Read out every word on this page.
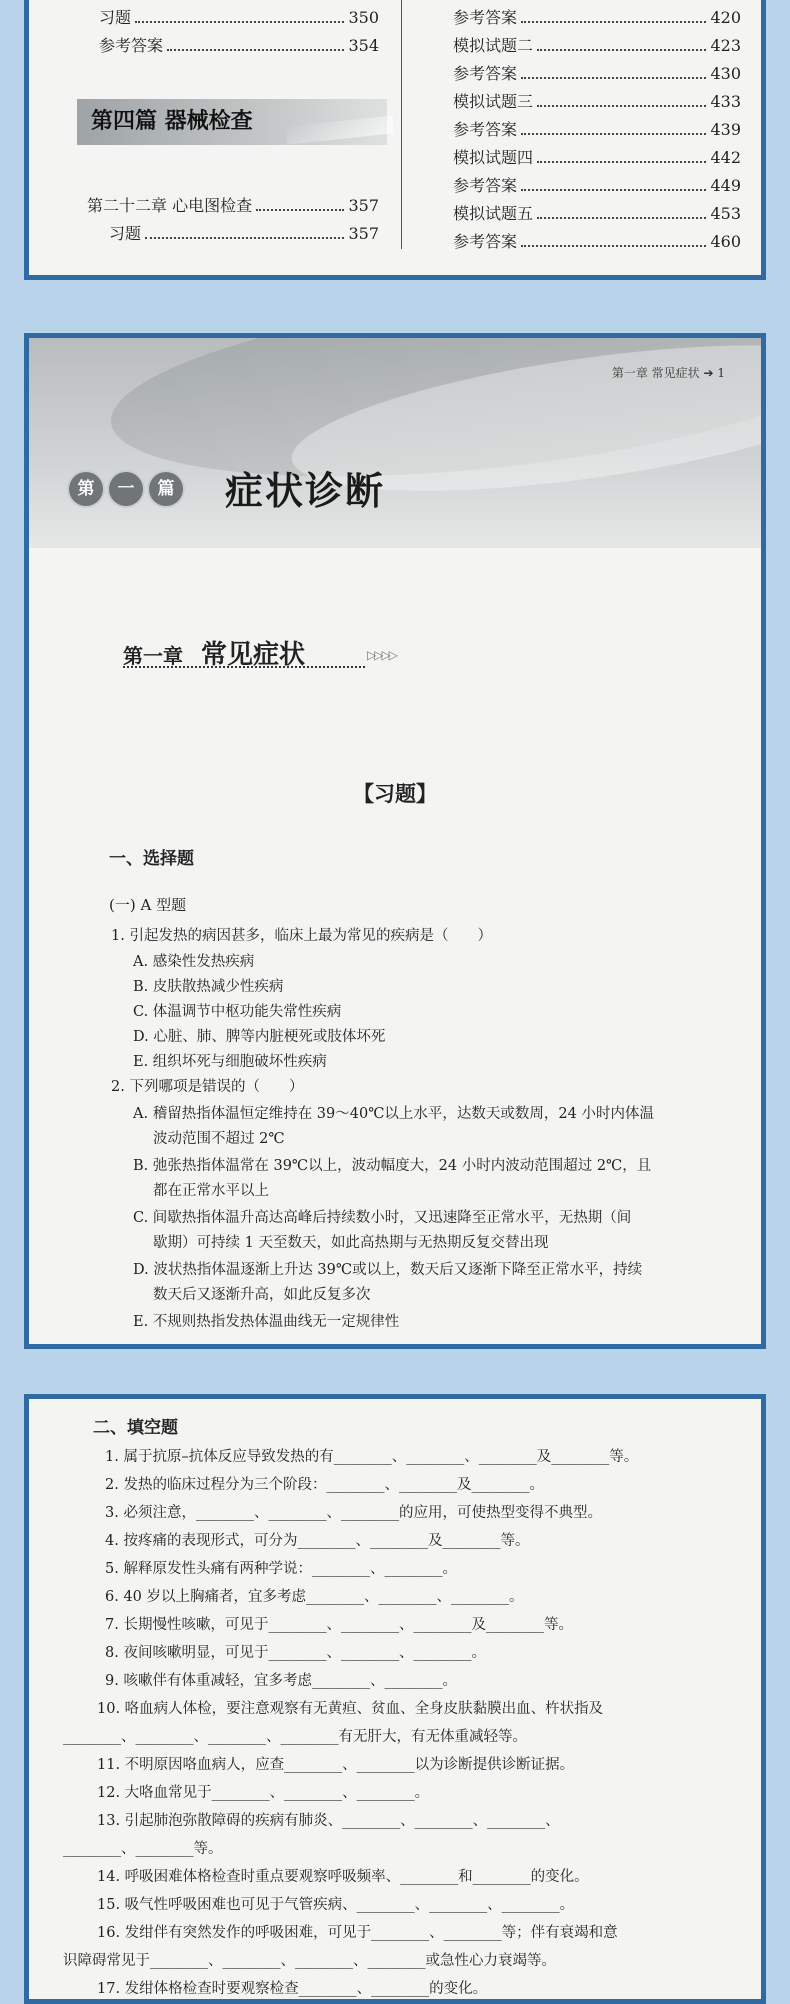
习题	350
参考答案	354
第四篇 器械检查
第二十二章 心电图检查	357
习题	357
参考答案	420
模拟试题二	423
参考答案	430
模拟试题三	433
参考答案	439
模拟试题四	442
参考答案	449
模拟试题五	453
参考答案	460
第一章 常见症状 ➔ 1
第	一	篇 症状诊断
第一章 常见症状	▷▷▷▷
【习题】
一、选择题
(一) A 型题
1. 引起发热的病因甚多，临床上最为常见的疾病是（　　）
A. 感染性发热疾病
B. 皮肤散热减少性疾病
C. 体温调节中枢功能失常性疾病
D. 心脏、肺、脾等内脏梗死或肢体坏死
E. 组织坏死与细胞破坏性疾病
2. 下列哪项是错误的（　　）
A. 稽留热指体温恒定维持在 39～40℃以上水平，达数天或数周，24 小时内体温
波动范围不超过 2℃
B. 弛张热指体温常在 39℃以上，波动幅度大，24 小时内波动范围超过 2℃，且
都在正常水平以上
C. 间歇热指体温升高达高峰后持续数小时，又迅速降至正常水平，无热期（间
歇期）可持续 1 天至数天，如此高热期与无热期反复交替出现
D. 波状热指体温逐渐上升达 39℃或以上，数天后又逐渐下降至正常水平，持续
数天后又逐渐升高，如此反复多次
E. 不规则热指发热体温曲线无一定规律性
二、填空题
1. 属于抗原–抗体反应导致发热的有________、________、________及________等。
2. 发热的临床过程分为三个阶段：________、________及________。
3. 必须注意，________、________、________的应用，可使热型变得不典型。
4. 按疼痛的表现形式，可分为________、________及________等。
5. 解释原发性头痛有两种学说：________、________。
6. 40 岁以上胸痛者，宜多考虑________、________、________。
7. 长期慢性咳嗽，可见于________、________、________及________等。
8. 夜间咳嗽明显，可见于________、________、________。
9. 咳嗽伴有体重减轻，宜多考虑________、________。
10. 咯血病人体检，要注意观察有无黄疸、贫血、全身皮肤黏膜出血、杵状指及
________、________、________、________有无肝大，有无体重减轻等。
11. 不明原因咯血病人，应查________、________以为诊断提供诊断证据。
12. 大咯血常见于________、________、________。
13. 引起肺泡弥散障碍的疾病有肺炎、________、________、________、
________、________等。
14. 呼吸困难体格检查时重点要观察呼吸频率、________和________的变化。
15. 吸气性呼吸困难也可见于气管疾病、________、________、________。
16. 发绀伴有突然发作的呼吸困难，可见于________、________等；伴有衰竭和意
识障碍常见于________、________、________、________或急性心力衰竭等。
17. 发绀体格检查时要观察检查________、________的变化。
